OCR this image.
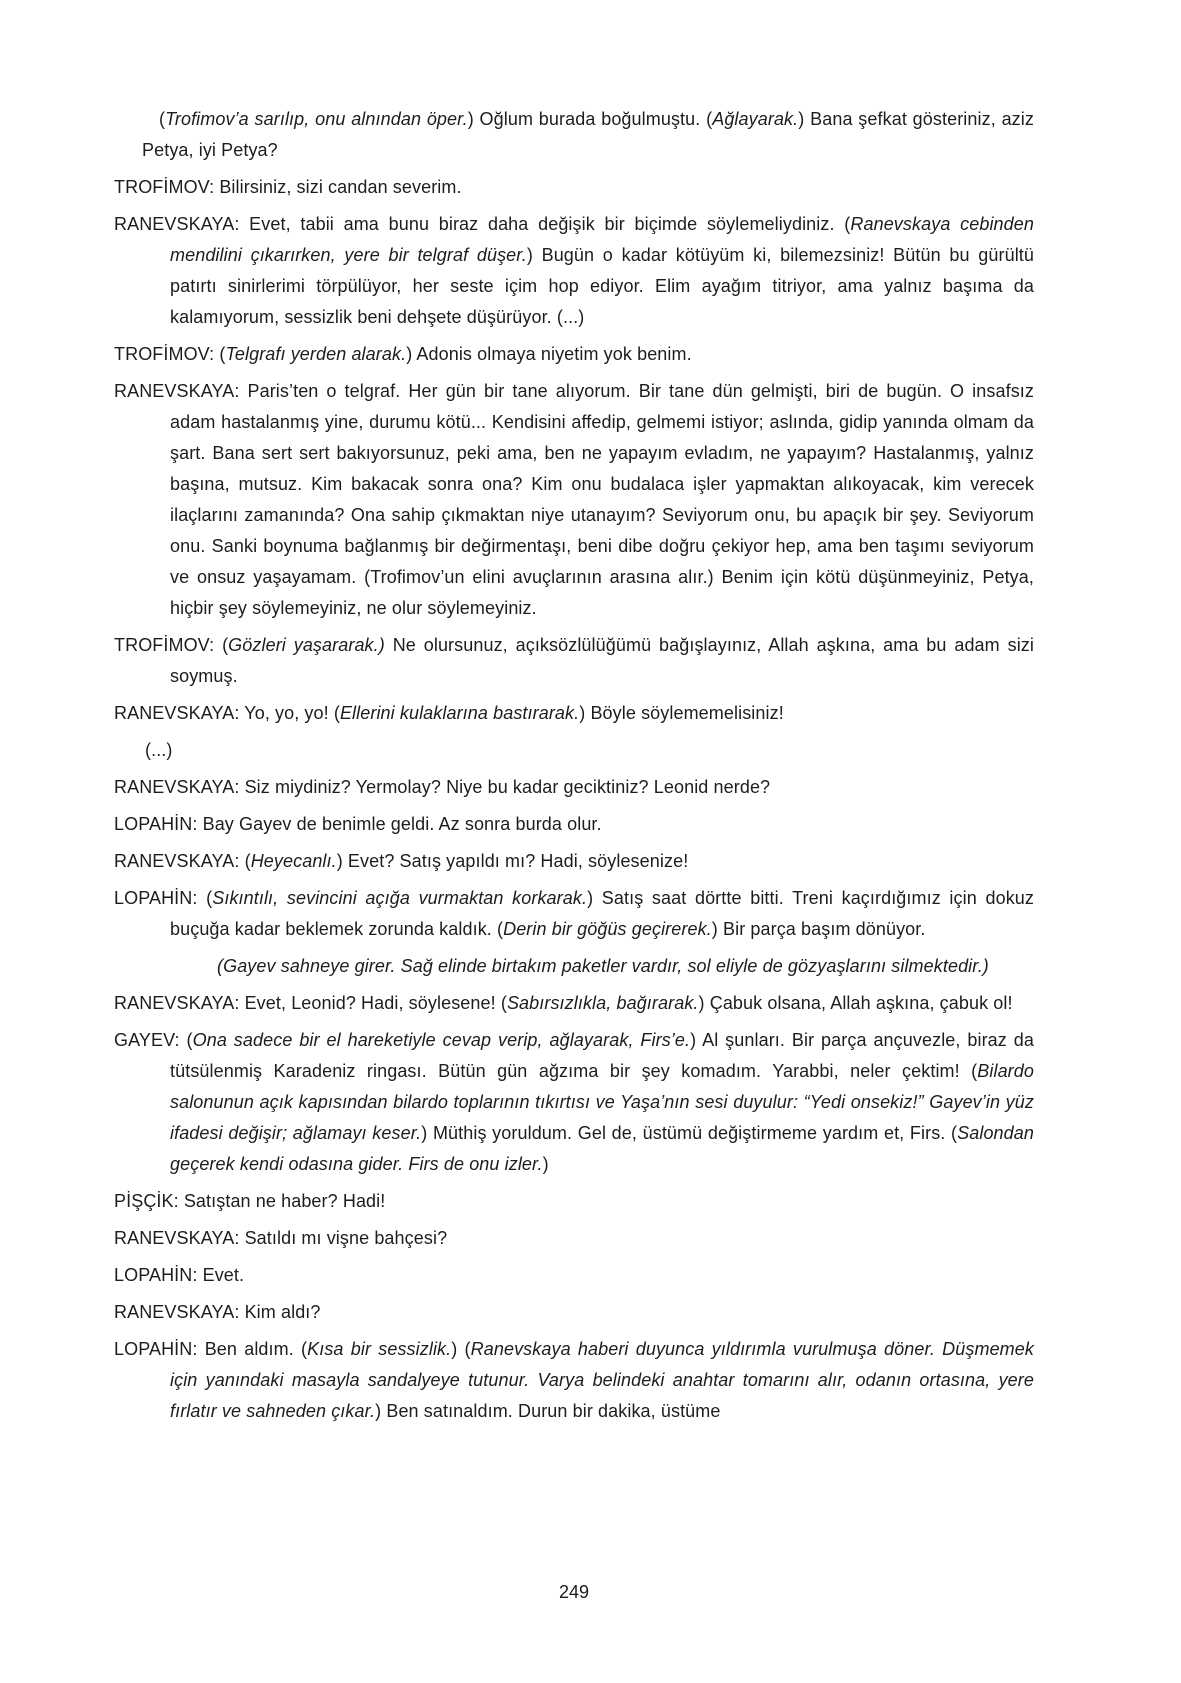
(Trofimov’a sarılıp, onu alnından öper.) Oğlum burada boğulmuştu. (Ağlayarak.) Bana şefkat gösteriniz, aziz Petya, iyi Petya?

TROFİMOV: Bilirsiniz, sizi candan severim.

RANEVSKAYA: Evet, tabii ama bunu biraz daha değişik bir biçimde söylemeliydiniz. (Ranevskaya cebinden mendilini çıkarırken, yere bir telgraf düşer.) Bugün o kadar kötüyüm ki, bilemezsiniz! Bütün bu gürültü patırtı sinirlerimi törpülüyor, her seste içim hop ediyor. Elim ayağım titriyor, ama yalnız başıma da kalamıyorum, sessizlik beni dehşete düşürüyor. (...)

TROFİMOV: (Telgrafı yerden alarak.) Adonis olmaya niyetim yok benim.

RANEVSKAYA: Paris’ten o telgraf. Her gün bir tane alıyorum. Bir tane dün gelmişti, biri de bugün. O insafsız adam hastalanmış yine, durumu kötü... Kendisini affedip, gelmemi istiyor; aslında, gidip yanında olmam da şart. Bana sert sert bakıyorsunuz, peki ama, ben ne yapayım evladım, ne yapayım? Hastalanmış, yalnız başına, mutsuz. Kim bakacak sonra ona? Kim onu budalaca işler yapmaktan alıkoyacak, kim verecek ilaçlarını zamanında? Ona sahip çıkmaktan niye utanayım? Seviyorum onu, bu apaçık bir şey. Seviyorum onu. Sanki boynuma bağlanmış bir değirmentaşı, beni dibe doğru çekiyor hep, ama ben taşımı seviyorum ve onsuz yaşayamam. (Trofimov’un elini avuçlarının arasına alır.) Benim için kötü düşünmeyiniz, Petya, hiçbir şey söylemeyiniz, ne olur söylemeyiniz.

TROFİMOV: (Gözleri yaşararak.) Ne olursunuz, açıksözlülüğümü bağışlayınız, Allah aşkına, ama bu adam sizi soymuş.

RANEVSKAYA: Yo, yo, yo! (Ellerini kulaklarına bastırarak.) Böyle söylememelisiniz!

(...)

RANEVSKAYA: Siz miydiniz? Yermolay? Niye bu kadar geciktiniz? Leonid nerde?

LOPAHİN: Bay Gayev de benimle geldi. Az sonra burda olur.

RANEVSKAYA: (Heyecanlı.) Evet? Satış yapıldı mı? Hadi, söylesenize!

LOPAHİN: (Sıkıntılı, sevincini açığa vurmaktan korkarak.) Satış saat dörtte bitti. Treni kaçırdığımız için dokuz buçuğa kadar beklemek zorunda kaldık. (Derin bir göğüs geçirerek.) Bir parça başım dönüyor.

(Gayev sahneye girer. Sağ elinde birtakım paketler vardır, sol eliyle de gözyaşlarını silmektedir.)

RANEVSKAYA: Evet, Leonid? Hadi, söylesene! (Sabırsızlıkla, bağırarak.) Çabuk olsana, Allah aşkına, çabuk ol!

GAYEV: (Ona sadece bir el hareketiyle cevap verip, ağlayarak, Firs’e.) Al şunları. Bir parça ançuvezle, biraz da tütsülenmiş Karadeniz ringası. Bütün gün ağzıma bir şey komadım. Yarabbi, neler çektim! (Bilardo salonunun açık kapısından bilardo toplarının tıkırtısı ve Yaşa’nın sesi duyulur: “Yedi onsekiz!” Gayev’in yüz ifadesi değişir; ağlamayı keser.) Müthiş yoruldum. Gel de, üstümü değiştirmeme yardım et, Firs. (Salondan geçerek kendi odasına gider. Firs de onu izler.)

PİŞÇİK: Satıştan ne haber? Hadi!

RANEVSKAYA: Satıldı mı vişne bahçesi?

LOPAHİN: Evet.

RANEVSKAYA: Kim aldı?

LOPAHİN: Ben aldım. (Kısa bir sessizlik.) (Ranevskaya haberi duyunca yıldırımla vurulmuşa döner. Düşmemek için yanındaki masayla sandalyeye tutunur. Varya belindeki anahtar tomarını alır, odanın ortasına, yere fırlatır ve sahneden çıkar.) Ben satınaldım. Durun bir dakika, üstüme

249
